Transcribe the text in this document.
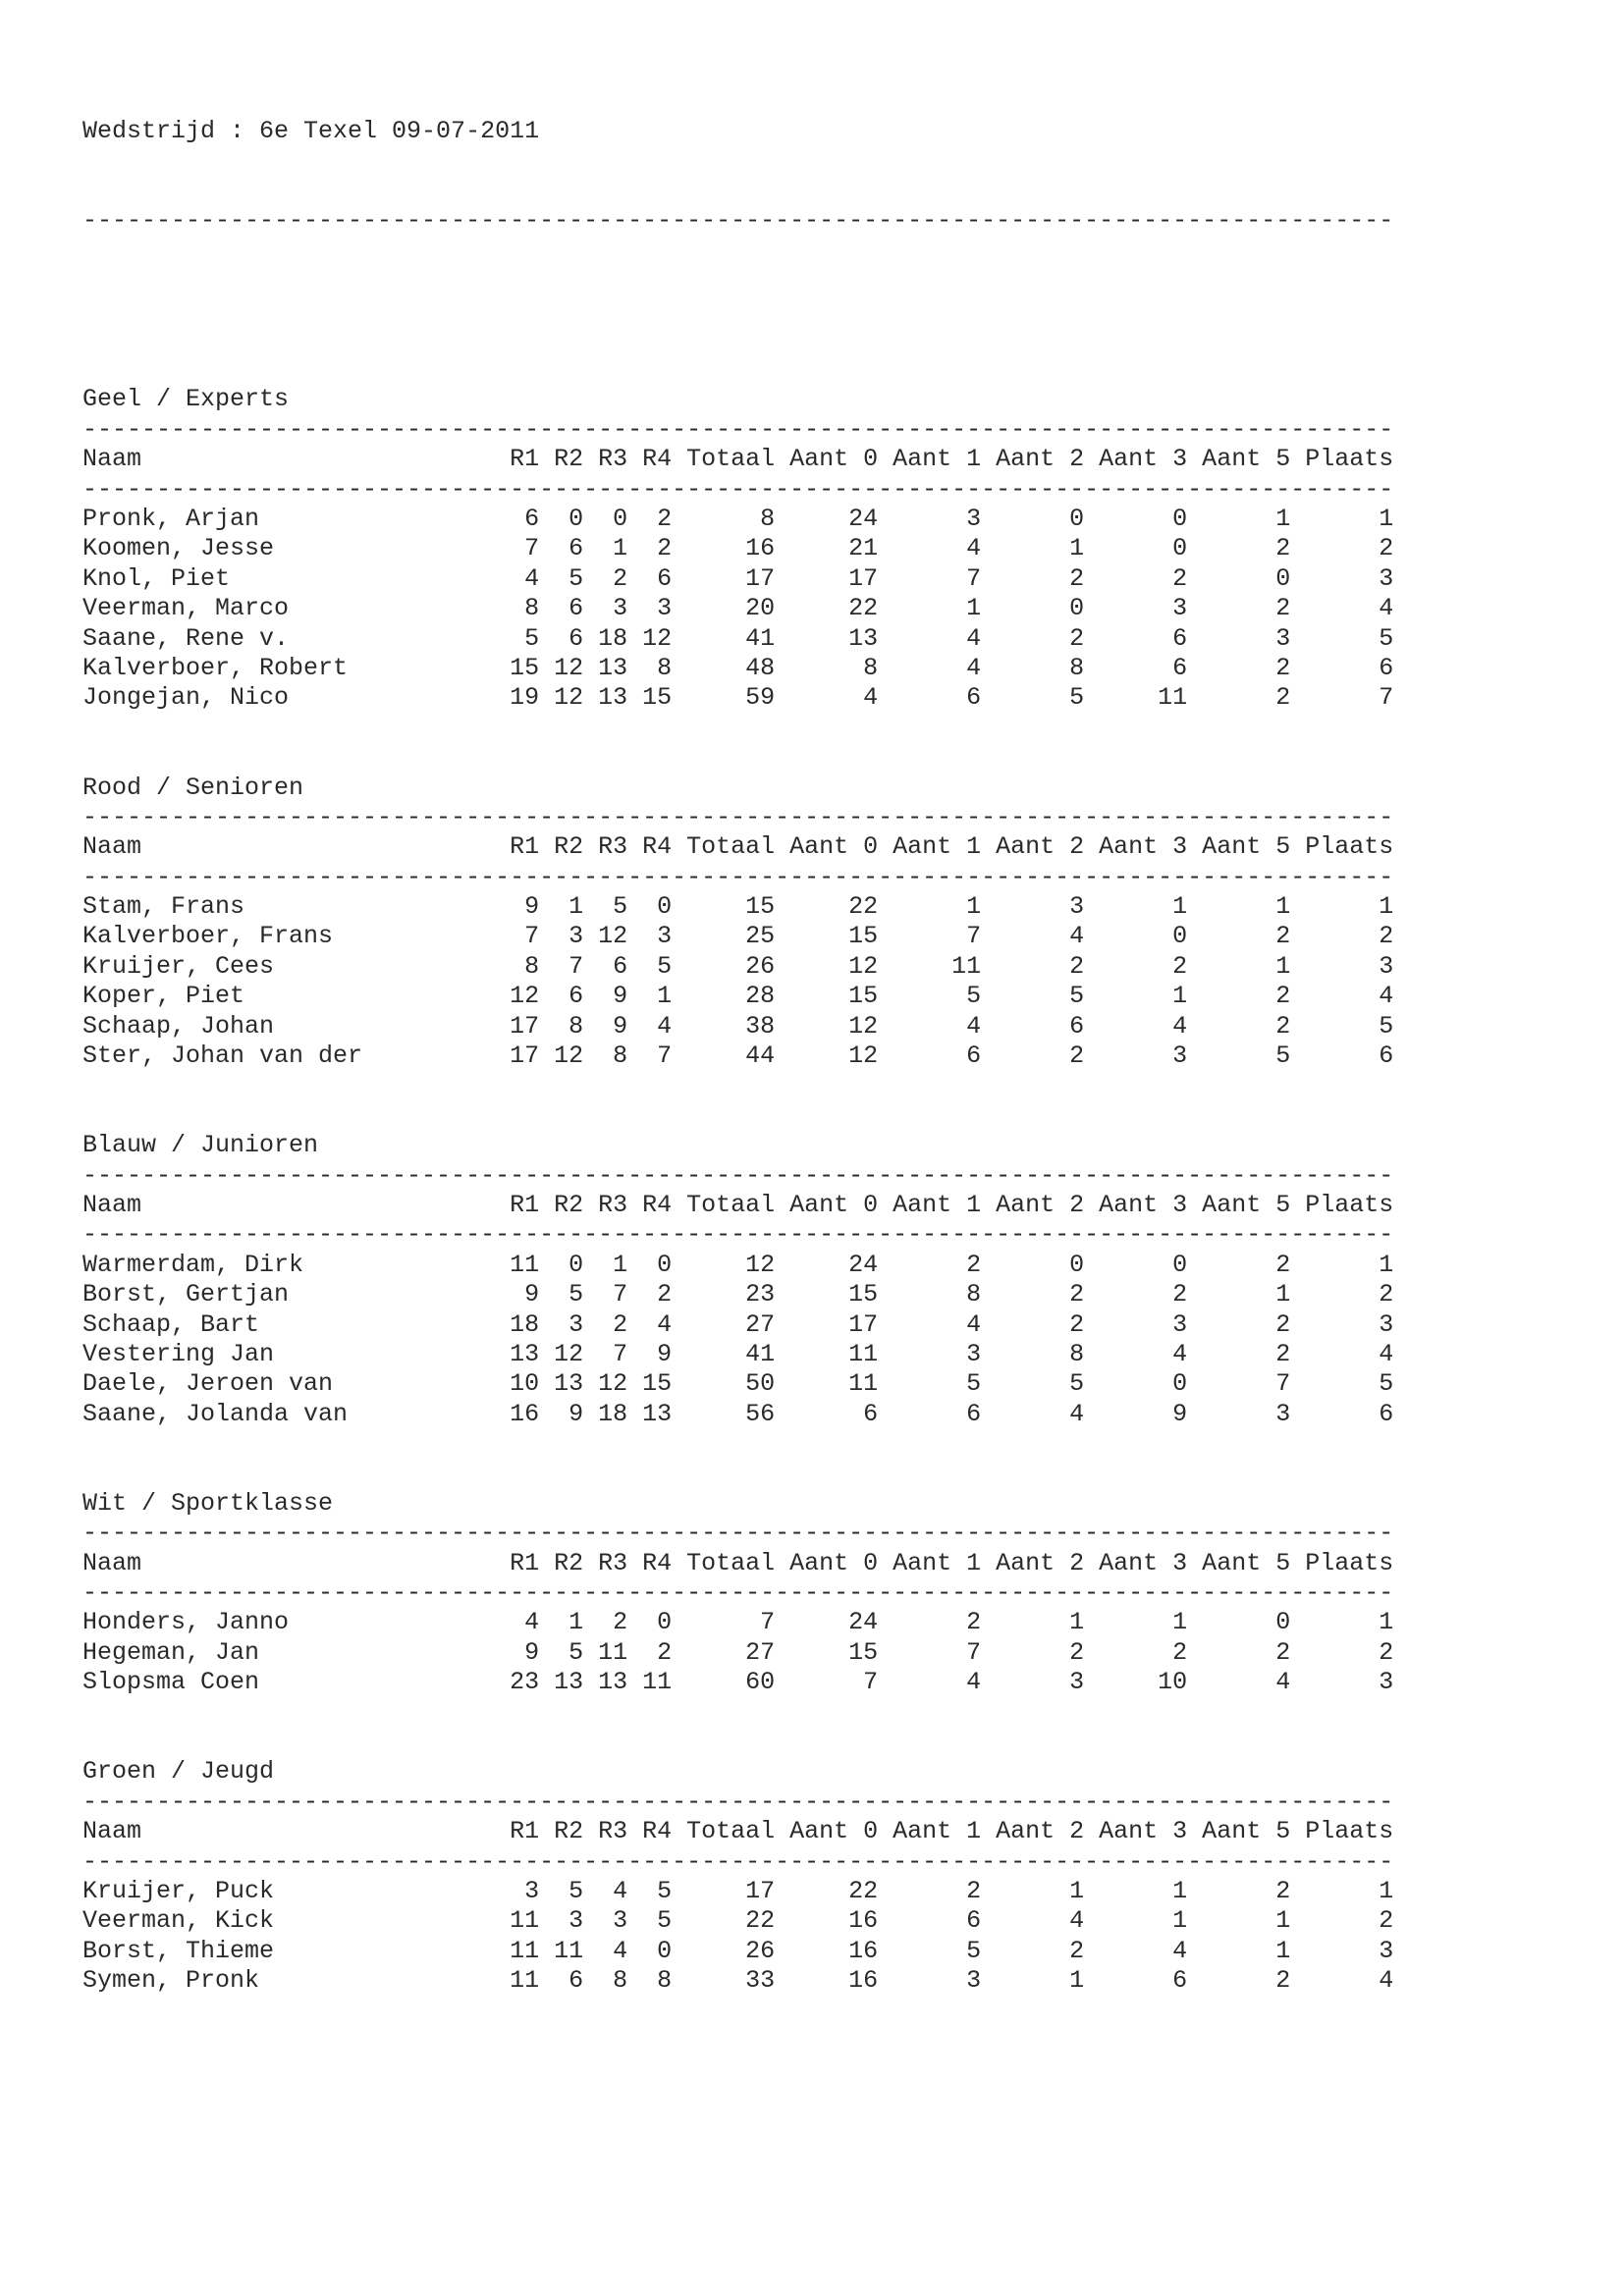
Wedstrijd : 6e Texel 09-07-2011

-----------------------------------------------------------------------------------------

Geel / Experts
-----------------------------------------------------------------------------------------
Naam                         R1 R2 R3 R4 Totaal Aant 0 Aant 1 Aant 2 Aant 3 Aant 5 Plaats
-----------------------------------------------------------------------------------------
Pronk, Arjan                  6  0  0  2      8     24      3      0      0      1      1
Koomen, Jesse                 7  6  1  2     16     21      4      1      0      2      2
Knol, Piet                    4  5  2  6     17     17      7      2      2      0      3
Veerman, Marco                8  6  3  3     20     22      1      0      3      2      4
Saane, Rene v.                5  6 18 12     41     13      4      2      6      3      5
Kalverboer, Robert           15 12 13  8     48      8      4      8      6      2      6
Jongejan, Nico               19 12 13 15     59      4      6      5     11      2      7
Rood / Senioren
-----------------------------------------------------------------------------------------
Naam                         R1 R2 R3 R4 Totaal Aant 0 Aant 1 Aant 2 Aant 3 Aant 5 Plaats
-----------------------------------------------------------------------------------------
Stam, Frans                   9  1  5  0     15     22      1      3      1      1      1
Kalverboer, Frans             7  3 12  3     25     15      7      4      0      2      2
Kruijer, Cees                 8  7  6  5     26     12     11      2      2      1      3
Koper, Piet                  12  6  9  1     28     15      5      5      1      2      4
Schaap, Johan                17  8  9  4     38     12      4      6      4      2      5
Ster, Johan van der          17 12  8  7     44     12      6      2      3      5      6
Blauw / Junioren
-----------------------------------------------------------------------------------------
Naam                         R1 R2 R3 R4 Totaal Aant 0 Aant 1 Aant 2 Aant 3 Aant 5 Plaats
-----------------------------------------------------------------------------------------
Warmerdam, Dirk              11  0  1  0     12     24      2      0      0      2      1
Borst, Gertjan                9  5  7  2     23     15      8      2      2      1      2
Schaap, Bart                 18  3  2  4     27     17      4      2      3      2      3
Vestering Jan                13 12  7  9     41     11      3      8      4      2      4
Daele, Jeroen van            10 13 12 15     50     11      5      5      0      7      5
Saane, Jolanda van           16  9 18 13     56      6      6      4      9      3      6
Wit / Sportklasse
-----------------------------------------------------------------------------------------
Naam                         R1 R2 R3 R4 Totaal Aant 0 Aant 1 Aant 2 Aant 3 Aant 5 Plaats
-----------------------------------------------------------------------------------------
Honders, Janno                4  1  2  0      7     24      2      1      1      0      1
Hegeman, Jan                  9  5 11  2     27     15      7      2      2      2      2
Slopsma Coen                 23 13 13 11     60      7      4      3     10      4      3
Groen / Jeugd
-----------------------------------------------------------------------------------------
Naam                         R1 R2 R3 R4 Totaal Aant 0 Aant 1 Aant 2 Aant 3 Aant 5 Plaats
-----------------------------------------------------------------------------------------
Kruijer, Puck                 3  5  4  5     17     22      2      1      1      2      1
Veerman, Kick                11  3  3  5     22     16      6      4      1      1      2
Borst, Thieme                11 11  4  0     26     16      5      2      4      1      3
Symen, Pronk                 11  6  8  8     33     16      3      1      6      2      4
